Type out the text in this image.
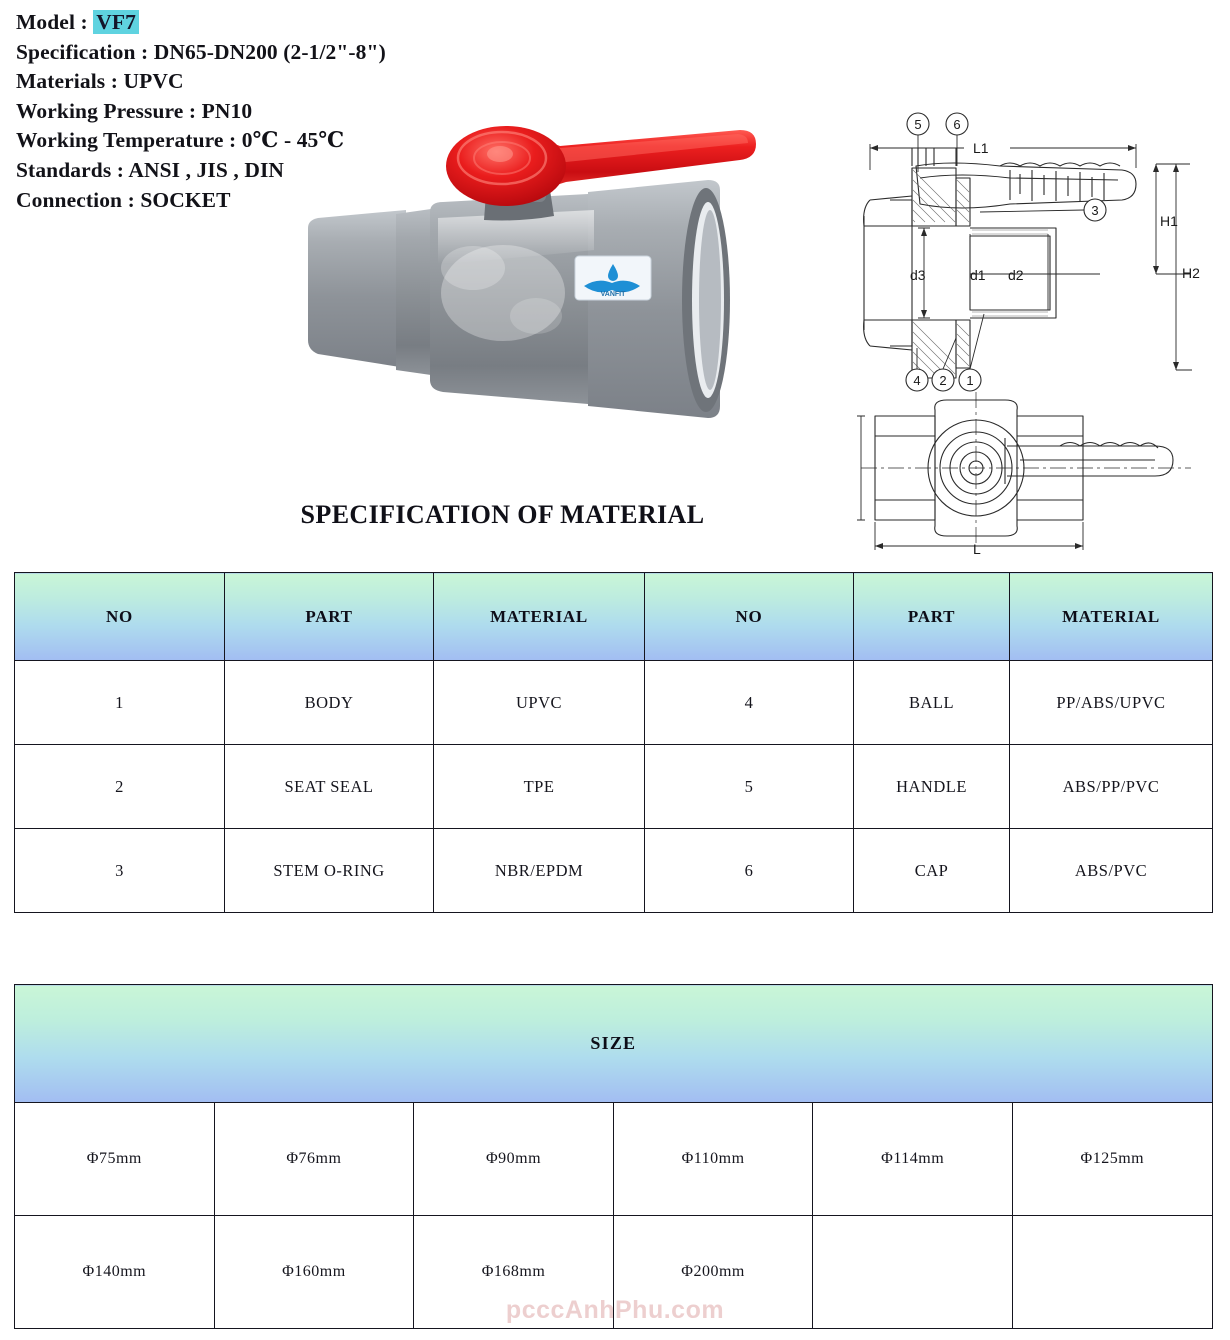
Model : VF7
Specification : DN65-DN200 (2-1/2"-8")
Materials : UPVC
Working Pressure : PN10
Working Temperature : 0℃ - 45℃
Standards : ANSI , JIS , DIN
Connection : SOCKET
VANFIT
L1
H1
H2
d3	d1 d2
5 6
3
4 2 1
L
SPECIFICATION OF MATERIAL
NO	PART	MATERIAL	NO	PART	MATERIAL
1	BODY	UPVC	4	BALL	PP/ABS/UPVC
2	SEAT SEAL	TPE	5	HANDLE	ABS/PP/PVC
3	STEM O-RING	NBR/EPDM	6	CAP	ABS/PVC
SIZE					
Φ75mm	Φ76mm	Φ90mm	Φ110mm	Φ114mm	Φ125mm
Φ140mm	Φ160mm	Φ168mm	Φ200mm		
pcccAnhPhu.com
